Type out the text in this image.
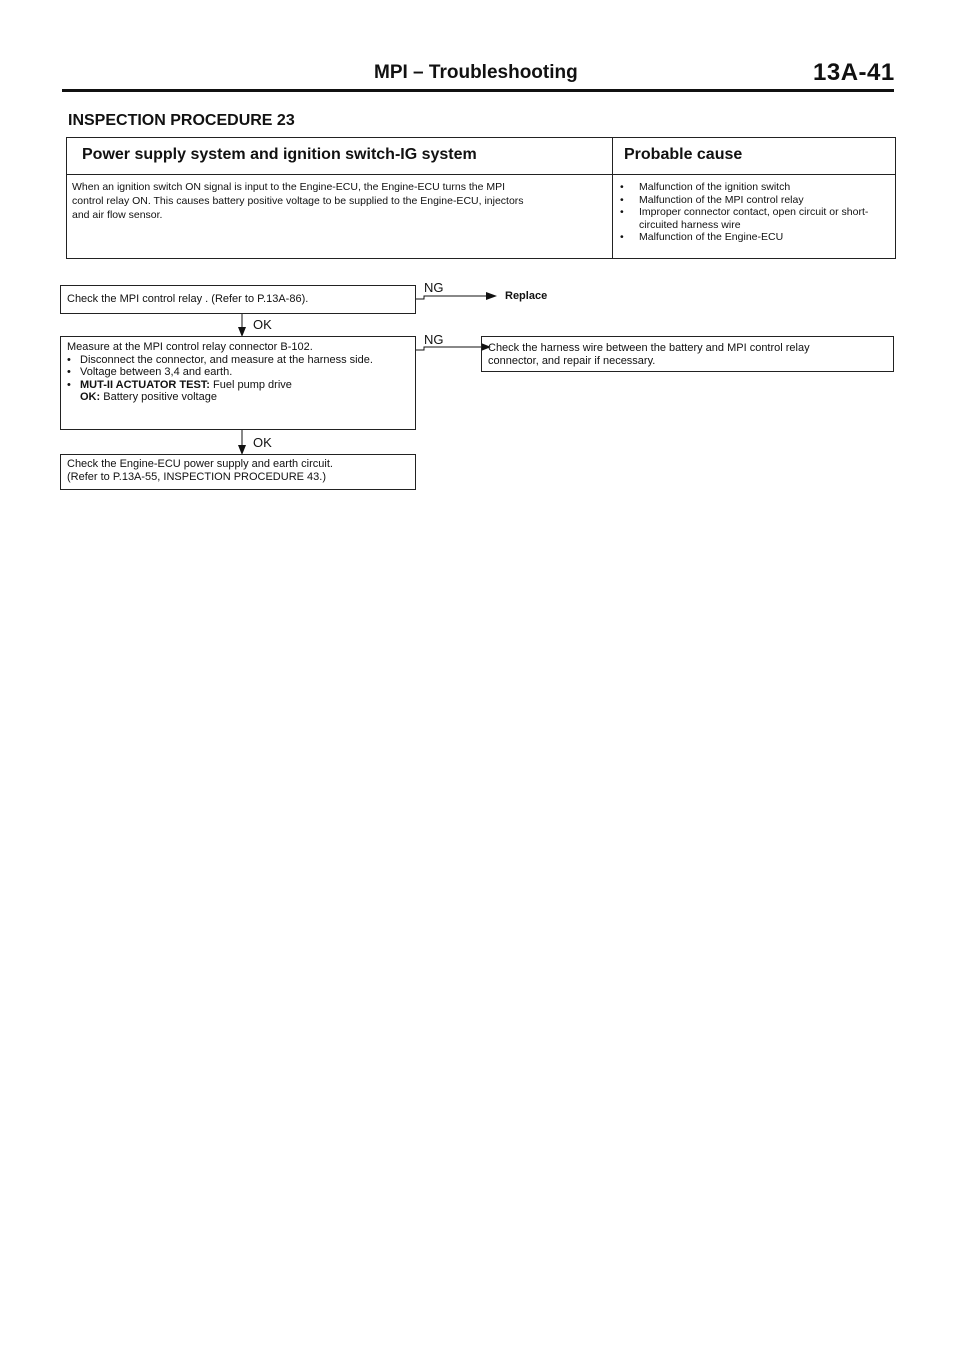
MPI – Troubleshooting	13A-41
INSPECTION PROCEDURE 23
Power supply system and ignition switch-IG system	Probable cause
When an ignition switch ON signal is input to the Engine-ECU, the Engine-ECU turns the MPI
control relay ON. This causes battery positive voltage to be supplied to the Engine-ECU, injectors
and air flow sensor.
• Malfunction of the ignition switch
• Malfunction of the MPI control relay
• Improper connector contact, open circuit or short-circuited harness wire
• Malfunction of the Engine-ECU
NG
Replace
OK
NG
OK
Check the MPI control relay . (Refer to P.13A-86).
Measure at the MPI control relay connector B-102.
• Disconnect the connector, and measure at the harness side.
• Voltage between 3,4 and earth.
• MUT-II ACTUATOR TEST: Fuel pump drive
OK: Battery positive voltage
Check the Engine-ECU power supply and earth circuit.
(Refer to P.13A-55, INSPECTION PROCEDURE 43.)
Check the harness wire between the battery and MPI control relay
connector, and repair if necessary.
